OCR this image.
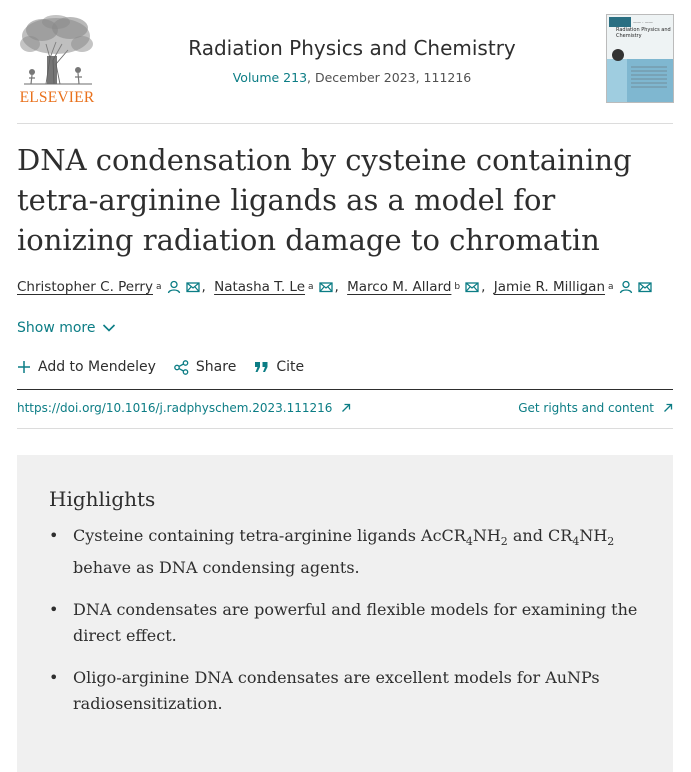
ELSEVIER
Radiation Physics and Chemistry
Volume 213, December 2023, 111216
—— · ——
Radiation Physics and
Chemistry
DNA condensation by cysteine containing tetra-arginine ligands as a model for ionizing radiation damage to chromatin
Christopher C. Perry a	, Natasha T. Le a , Marco M. Allard b , Jamie R. Milligan a
Show more
Add to Mendeley	Share	Cite
https://doi.org/10.1016/j.radphyschem.2023.111216	Get rights and content
Highlights
• Cysteine containing tetra-arginine ligands $AcCR_4NH_2$ and $CR_4NH_2$ behave as DNA condensing agents.
• DNA condensates are powerful and flexible models for examining the direct effect.
• Oligo-arginine DNA condensates are excellent models for AuNPs radiosensitization.
